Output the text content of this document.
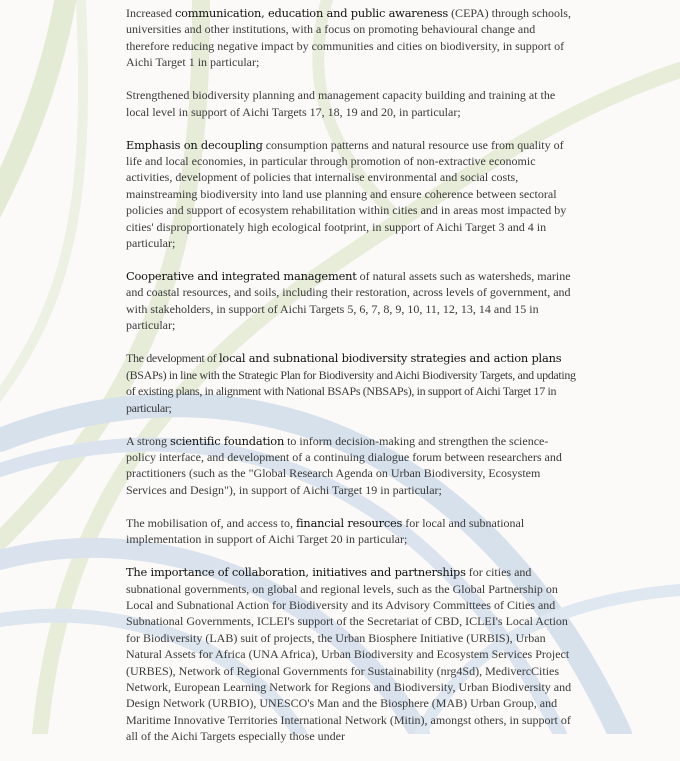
Increased communication, education and public awareness (CEPA) through schools, universities and other institutions, with a focus on promoting behavioural change and therefore reducing negative impact by communities and cities on biodiversity, in support of Aichi Target 1 in particular;

Strengthened biodiversity planning and management capacity building and training at the local level in support of Aichi Targets 17, 18, 19 and 20, in particular;

Emphasis on decoupling consumption patterns and natural resource use from quality of life and local economies, in particular through promotion of non-extractive economic activities, development of policies that internalise environmental and social costs, mainstreaming biodiversity into land use planning and ensure coherence between sectoral policies and support of ecosystem rehabilitation within cities and in areas most impacted by cities' disproportionately high ecological footprint, in support of Aichi Target 3 and 4 in particular;

Cooperative and integrated management of natural assets such as watersheds, marine and coastal resources, and soils, including their restoration, across levels of government, and with stakeholders, in support of Aichi Targets 5, 6, 7, 8, 9, 10, 11, 12, 13, 14 and 15 in particular;

The development of local and subnational biodiversity strategies and action plans (BSAPs) in line with the Strategic Plan for Biodiversity and Aichi Biodiversity Targets, and updating of existing plans, in alignment with National BSAPs (NBSAPs), in support of Aichi Target 17 in particular;

A strong scientific foundation to inform decision-making and strengthen the science-policy interface, and development of a continuing dialogue forum between researchers and practitioners (such as the "Global Research Agenda on Urban Biodiversity, Ecosystem Services and Design"), in support of Aichi Target 19 in particular;

The mobilisation of, and access to, financial resources for local and subnational implementation in support of Aichi Target 20 in particular;

The importance of collaboration, initiatives and partnerships for cities and subnational governments, on global and regional levels, such as the Global Partnership on Local and Subnational Action for Biodiversity and its Advisory Committees of Cities and Subnational Governments, ICLEI's support of the Secretariat of CBD, ICLEI's Local Action for Biodiversity (LAB) suit of projects, the Urban Biosphere Initiative (URBIS), Urban Natural Assets for Africa (UNA Africa), Urban Biodiversity and Ecosystem Services Project (URBES), Network of Regional Governments for Sustainability (nrg4Sd), MedivercCities Network, European Learning Network for Regions and Biodiversity, Urban Biodiversity and Design Network (URBIO), UNESCO's Man and the Biosphere (MAB) Urban Group, and Maritime Innovative Territories International Network (Mitin), amongst others, in support of all of the Aichi Targets especially those under
